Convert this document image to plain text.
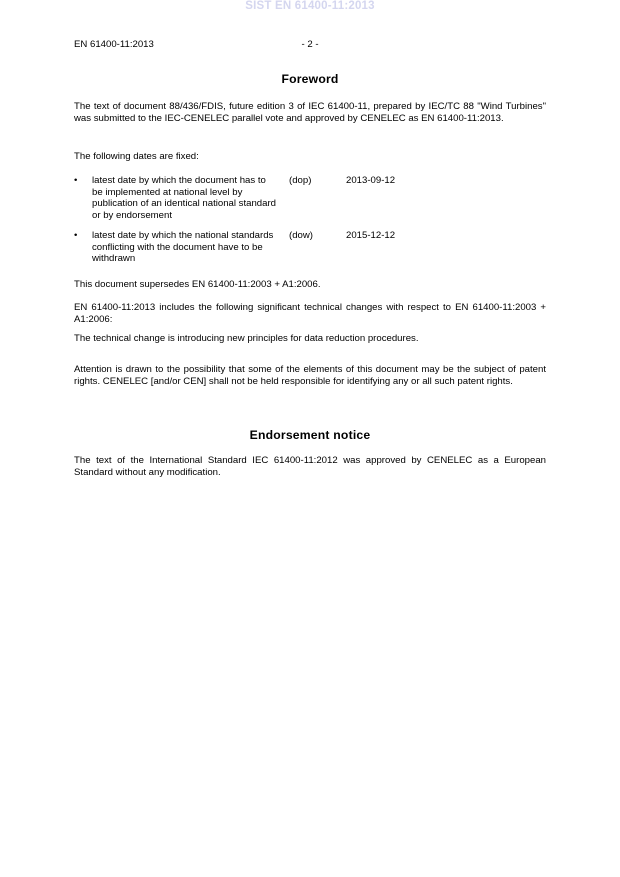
SIST EN 61400-11:2013
EN 61400-11:2013	- 2 -
Foreword

The text of document 88/436/FDIS, future edition 3 of IEC 61400-11, prepared by IEC/TC 88 "Wind Turbines" was submitted to the IEC-CENELEC parallel vote and approved by CENELEC as EN 61400-11:2013.

The following dates are fixed:

• latest date by which the document has to be implemented at national level by publication of an identical national standard or by endorsement
(dop)	2013-09-12
• latest date by which the national standards conflicting with the document have to be withdrawn
(dow)	2015-12-12

This document supersedes EN 61400-11:2003 + A1:2006.

EN 61400-11:2013 includes the following significant technical changes with respect to EN 61400-11:2003 + A1:2006:

The technical change is introducing new principles for data reduction procedures.

Attention is drawn to the possibility that some of the elements of this document may be the subject of patent rights. CENELEC [and/or CEN] shall not be held responsible for identifying any or all such patent rights.

Endorsement notice

The text of the International Standard IEC 61400-11:2012 was approved by CENELEC as a European Standard without any modification.
